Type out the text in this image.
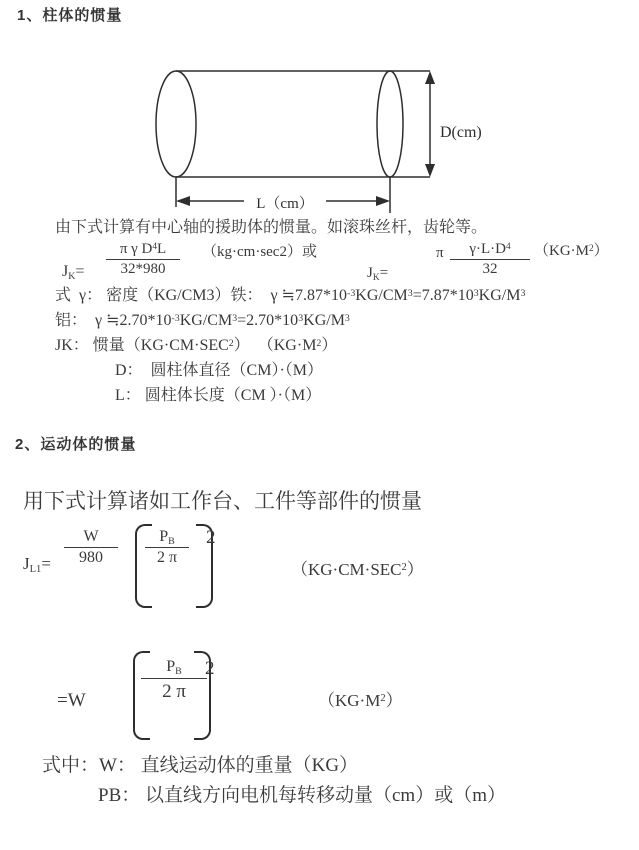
1、柱体的惯量
D(cm)
L（cm）
由下式计算有中心轴的援助体的惯量。如滚珠丝杆，齿轮等。
$JK= \frac{\pi \gamma D^4L}{32*980} (kg\cdot cm\cdot\sec 2)$或
JK=
π $\frac{\gamma\cdot L\cdot D^4}{32} (KG\cdot M^2)$
式  γ： 密度（KG/CM3）铁：  γ $≒7.87*10^{-3}KG/CM^3=7.87*10^3KG/M^3$
铝：  γ $≒2.70*10^{-3}KG/CM^3=2.70*10^3KG/M^3$
JK： 惯量$(KG\cdot CM\cdot SEC^2)$  $(KG\cdot M^2)$
D：  圆柱体直径（CM）·（M）
L： 圆柱体长度（CM ）·（M）
2、运动体的惯量
用下式计算诸如工作台、工件等部件的惯量
$JL1= \frac{W}{980} \frac{PB}{2 \pi} 2$
$(KG\cdot CM\cdot SEC^2)$
=W
PB
2 π
2
$(KG\cdot M^2)$
式中：W： 直线运动体的重量（KG）
PB： 以直线方向电机每转移动量（cm）或（m）
